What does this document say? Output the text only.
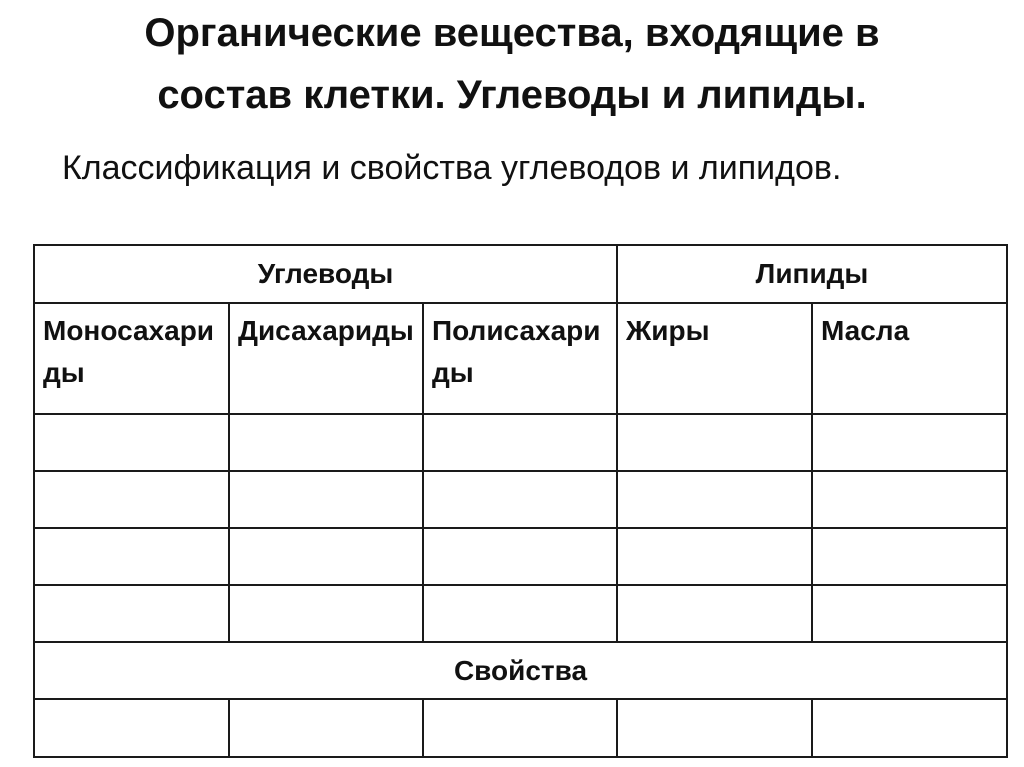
Органические вещества, входящие в
состав клетки. Углеводы и липиды.

Классификация и свойства углеводов и липидов.

Углеводы			Липиды	
Моносахариды	Дисахариды	Полисахариды	Жиры	Масла

Свойства				
